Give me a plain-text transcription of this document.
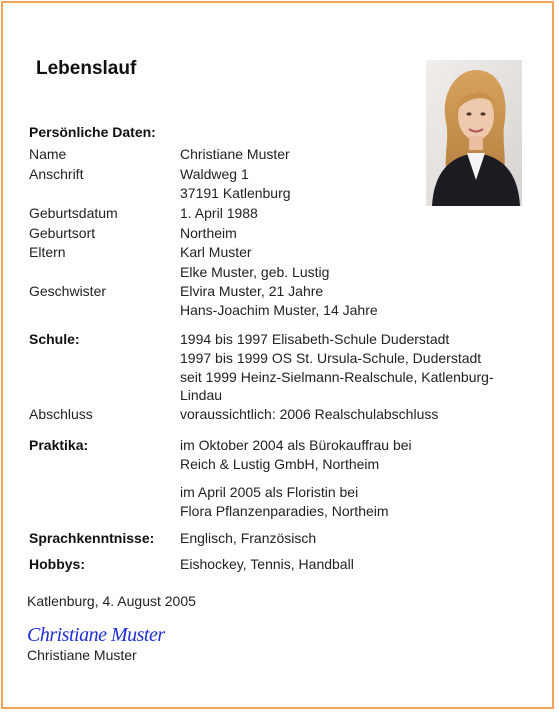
Lebenslauf
Persönliche Daten:
Name	Christiane Muster
Anschrift	Waldweg 1
37191 Katlenburg
Geburtsdatum	1. April 1988
Geburtsort	Northeim
Eltern	Karl Muster
Elke Muster, geb. Lustig
Geschwister	Elvira Muster, 21 Jahre
Hans-Joachim Muster, 14 Jahre
Schule:	1994 bis 1997 Elisabeth-Schule Duderstadt
1997 bis 1999 OS St. Ursula-Schule, Duderstadt
seit 1999 Heinz-Sielmann-Realschule, Katlenburg-
Lindau
Abschluss	voraussichtlich: 2006 Realschulabschluss
Praktika:	im Oktober 2004 als Bürokauffrau bei
Reich & Lustig GmbH, Northeim
im April 2005 als Floristin bei
Flora Pflanzenparadies, Northeim
Sprachkenntnisse: Englisch, Französisch
Hobbys:	Eishockey, Tennis, Handball
Katlenburg, 4. August 2005
Christiane Muster
Christiane Muster
